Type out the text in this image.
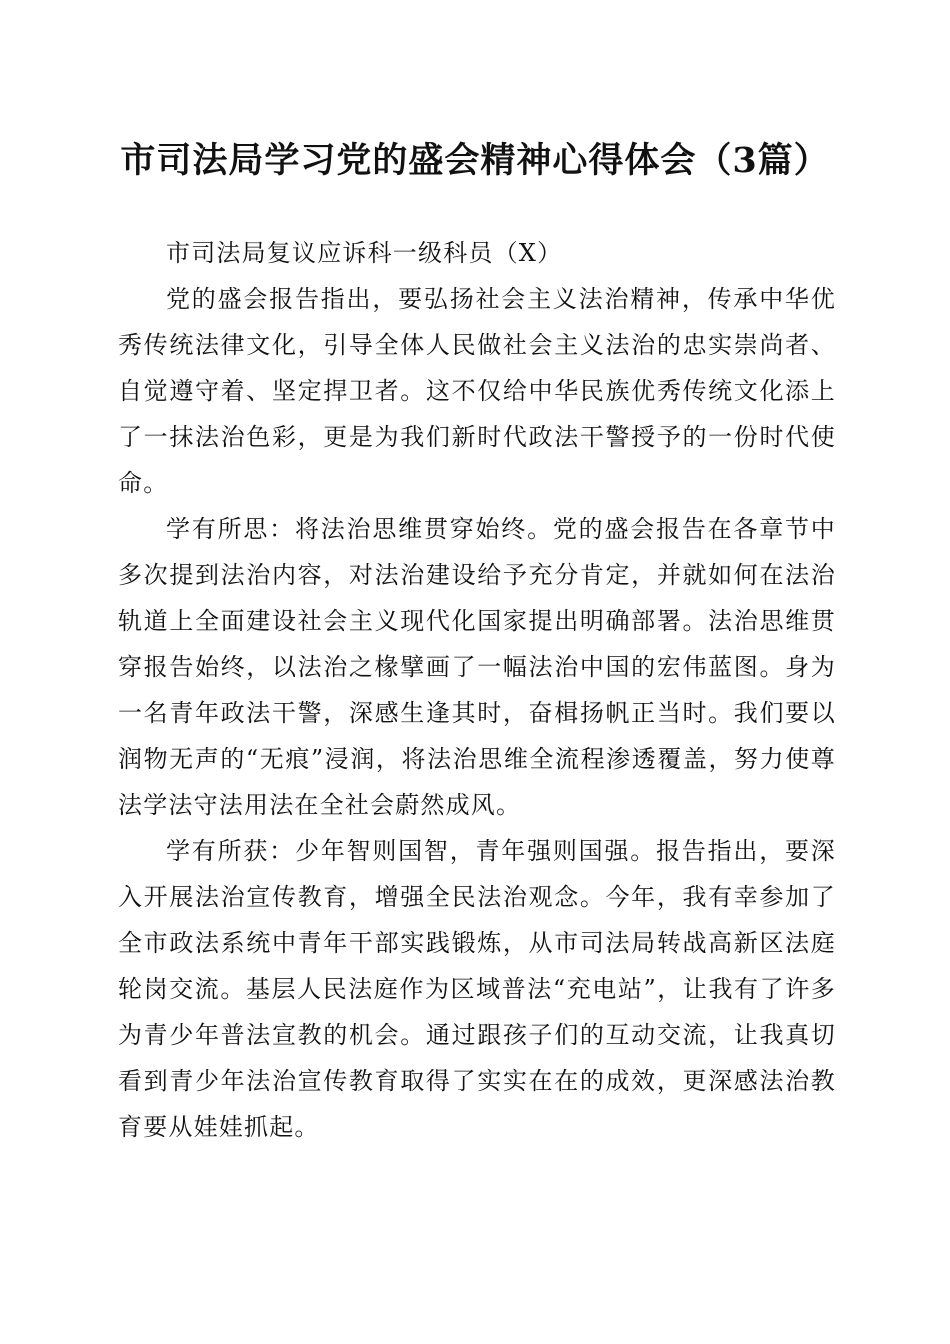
市司法局学习党的盛会精神心得体会（3篇）

市司法局复议应诉科一级科员（X）

党的盛会报告指出，要弘扬社会主义法治精神，传承中华优秀传统法律文化，引导全体人民做社会主义法治的忠实崇尚者、自觉遵守着、坚定捍卫者。这不仅给中华民族优秀传统文化添上了一抹法治色彩，更是为我们新时代政法干警授予的一份时代使命。

学有所思：将法治思维贯穿始终。党的盛会报告在各章节中多次提到法治内容，对法治建设给予充分肯定，并就如何在法治轨道上全面建设社会主义现代化国家提出明确部署。法治思维贯穿报告始终，以法治之椽擘画了一幅法治中国的宏伟蓝图。身为一名青年政法干警，深感生逢其时，奋楫扬帆正当时。我们要以润物无声的“无痕”浸润，将法治思维全流程渗透覆盖，努力使尊法学法守法用法在全社会蔚然成风。

学有所获：少年智则国智，青年强则国强。报告指出，要深入开展法治宣传教育，增强全民法治观念。今年，我有幸参加了全市政法系统中青年干部实践锻炼，从市司法局转战高新区法庭轮岗交流。基层人民法庭作为区域普法“充电站”，让我有了许多为青少年普法宣教的机会。通过跟孩子们的互动交流，让我真切看到青少年法治宣传教育取得了实实在在的成效，更深感法治教育要从娃娃抓起。
